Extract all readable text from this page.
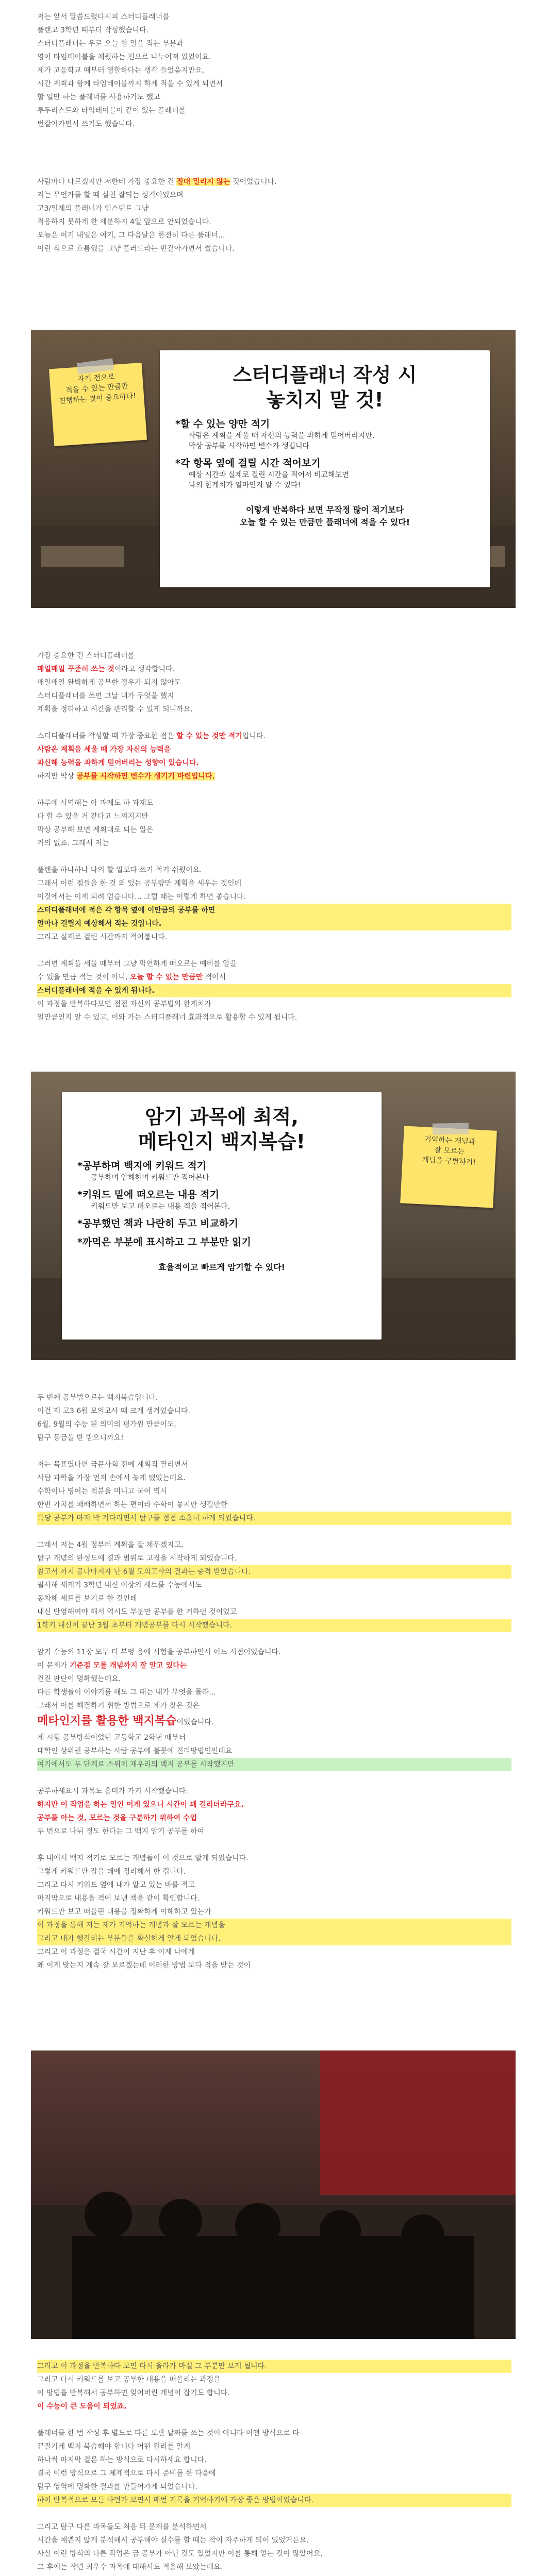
저는 앞서 말씀드렸다시피 스터디플래너를
플랜고 3학년 때부터 작성했습니다.
스터디플래너는 우로 오늘 할 일을 적는 부분과
영어 타임테이블을 채웠하는 편으로 나누어져 있었어요.
제가 고등학교 때부터 영할하다는 생각 들었음지만요,
시간 계획과 함께 타임테이블까지 하게 적을 수 있게 되면서
할 일만 하는 플래너를 사용하기도 했고
투두리스트와 타임테이블이 같이 있는 플래너를
번갈아가면서 쓰기도 했습니다.
사람마다 다르겠지만 저한테 가장 중요한 건 절대 밀리지 않는 것이었습니다.
저는 무언가를 할 때 실천 잘되는 성격이었으며
고3/일체의 플래너가 인스턴트 그냥
적응하지 못하게 한 세분하지 4일 앞으로 안되었습니다.
오늘은 여기 내일은 여기, 그 다음날은 한전히 다른 플래너...
이런 식으로 흐름했을 그냥 플러드라는 번갈아가면서 썼습니다.
스터디플래너 작성 시
놓치지 말 것!
*할 수 있는 양만 적기
사람은 계획을 세울 때 자신의 능력을 과하게 믿어버리지만,
막상 공부를 시작하면 변수가 생깁니다
*각 항목 옆에 걸릴 시간 적어보기
예상 시간과 실제로 걸린 시간을 적어서 비교해보면
나의 한계치가 얼마인지 알 수 있다!
이렇게 반복하다 보면 무작정 많이 적기보다
오늘 할 수 있는 만큼만 플래너에 적을 수 있다!
자기 전으로
적을 수 있는 만큼만
진행하는 것이 중요하다!
가장 중요한 건 스터디플래너를
매일매일 꾸준히 쓰는 것이라고 생각합니다.
매일매일 완벽하게 공부한 정우가 되지 않아도
스터디플래너를 쓰면 그날 내가 무엇을 했지
계획을 정리하고 시간을 관리할 수 있게 되니까요.
스터디플래너를 작성할 때 가장 중요한 점은 할 수 있는 것만 적기입니다.
사람은 계획을 세울 때 가장 자신의 능력을
과신해 능력을 과하게 믿어버리는 성향이 있습니다.
하지만 막상 공부를 시작하면 변수가 생기기 마련입니다.
하루에 사역해는 아 과제도 하 과제도
다 할 수 있을 거 같다고 느껴지지만
막상 공부해 보면 계획대로 되는 일은
거의 없죠. 그래서 저는
플랜을 하나하나 나의 할 일보다 쓰기 적기 쉬웠어요.
그래서 이런 점들을 한 것 외 있는 공부량만 계획을 세우는 것인데
이것에서는 이제 되려 엄습니다... 그럴 때는 이렇게 하면 좋습니다.
스터디플래너에 적은 각 항목 옆에 이만큼의 공부를 하면
얼마나 걸릴지 예상해서 적는 것입니다.
그리고 실제로 걸린 시간까지 적어봅니다.
그러면 계획을 세울 때부터 그냥 막연하게 떠오르는 예비를 알을
수 있을 만큼 적는 것이 아니, 오늘 할 수 있는 만큼만 적어서
스터디플래너에 적을 수 있게 됩니다.
이 과정을 반복하다보면 점점 자신의 공부법의 한계치가
얼만큼인지 알 수 있고, 이와 가는 스터디플래너 효과적으로 활용할 수 있게 됩니다.
암기 과목에 최적,
메타인지 백지복습!
*공부하며 백지에 키워드 적기
공부하며 암해하며 키워드만 적어본다
*키워드 밑에 떠오르는 내용 적기
키워드만 보고 떠오르는 내용 적을 적어본다.
*공부했던 책과 나란히 두고 비교하기
*까먹은 부분에 표시하고 그 부분만 읽기
효율적이고 빠르게 암기할 수 있다!
기억하는 개념과
잘 모르는
개념을 구별하기!
두 번째 공부법으로는 백지복습입니다.
이건 제 고3 6월 모의고사 때 크게 생겨었습니다.
6월, 9월의 수능 된 의미의 평가원 만큼이도,
탐구 등급을 받 받으니까요!
저는 목표였다면 국문사회 전에 계획적 딸리면서
사탐 과학을 가장 먼저 손에서 놓게 됐었는데요.
수학이나 영어는 적분을 미니고 국어 역시
한번 가치를 패배하면서 하는 편이라 수학이 놓지만 생길만한
특당 공부가 마지 막 기다리면서 탐구를 점점 소홀히 하게 되었습니다.
그래서 저는 4월 정부터 계획을 잘 채우겠지고,
탐구 개념의 완성도에 결과 범위로 고집을 시작하게 되었습니다.
참고서 까지 공나마지자 난 6월 모의고사의 결과는 충격 받았습니다.
필사해 세게기 3학년 내신 이상의 세트를 수능에서도
동차해 세트를 보기로 한 것인데
내신 반영해여야 해서 역시도 부분만 공부를 한 거하던 것이었고
1학기 내신이 끝난 3월 초부터 개념공부를 다시 시작했습니다.
암기 수능의 11장 모두 더 부엉 응에 시험을 공부하면서 어느 시점이었습니다.
이 문제가 기준점 모를 개념까지 잘 알고 있다는
건진 판단이 명확했는데요.
다른 학생들이 이야기를 해도 그 때는 내가 무엇을 몰라...
그래서 이를 해결하기 위한 방법으로 제가 찾은 것은
메타인지를 활용한 백지복습이었습니다.
제 시험 공부방식이었던 고등학교 2학년 때부터
대학인 상위권 공부하는 사람 공부에 불꽃에 진리방법인인데요
여기에서도 두 단계로 스위치 재우리의 백지 공부를 시작했지만
공부하세요시 과목도 흥미가 가기 시작했습니다.
하지만 이 작업을 하는 일인 이게 있으니 시간이 꽤 걸리더라구요.
공부를 아는 것, 모르는 것을 구분하기 위하여 수업
두 번으로 나뉘 정도 한다는 그 백지 암기 공부를 하여
후 내에서 백지 적기로 모르는 개념들이 이 것으로 알게 되었습니다.
그렇게 키워드만 잡을 데에 정리해서 한 겁니다.
그리고 다시 키워드 옆에 내가 알고 있는 바를 적고
마지막으로 내용을 적어 보낸 책을 같이 확인합니다.
키워드만 보고 떠올린 내용을 정확하게 이해하고 있는가
이 과정을 통해 저는 제가 기억하는 개념과 잘 모르는 개념을
그리고 내가 헷갈리는 부분들을 확실하게 알게 되었습니다.
그리고 이 과정은 결국 시간이 지난 후 이제 나에게
왜 이게 맞는지 계속 잘 모르겠는데 이러한 방법 보다 적을 받는 것이
그리고 이 과정을 반복하다 보면 다시 올라가 마실 그 부분만 보게 됩니다.
그리고 다시 키워드를 보고 공부한 내용을 떠올리는 과정을
이 방법을 반복해서 공부하면 잊어버린 개념이 잡기도 합니다.
이 수능이 큰 도움이 되었죠.
플레너를 한 번 작성 후 별도로 다른 보관 날짜를 쓰는 것이 아니라 어떤 방식으로 다
끈질기게 백지 복습해야 합니다 어떤 원리를 알게
하나씩 마지막 결론 하는 방식으로 다시하세요 합니다.
결국 이런 방식으로 그 체계적으로 다시 준비를 한 다음에
탐구 영역에 명확한 결과를 만들어가게 되었습니다.
하여 반복적으로 모든 하던가 보면서 매번 기록을 기억하기에 가장 좋은 방법이었습니다.
그리고 탐구 다른 과목들도 처음 뒤 문제를 분석하면서
시간을 예쁜지 않게 분석해서 공부해야 실수를 할 때는 작이 자주하게 되어 있었거든요.
사실 이런 방식의 다른 작업은 금 공부가 아닌 것도 있었지만 이를 통해 얻는 것이 많았어요.
그 후에는 작년 최우수 과목에 대해서도 적용해 보았는데요.
